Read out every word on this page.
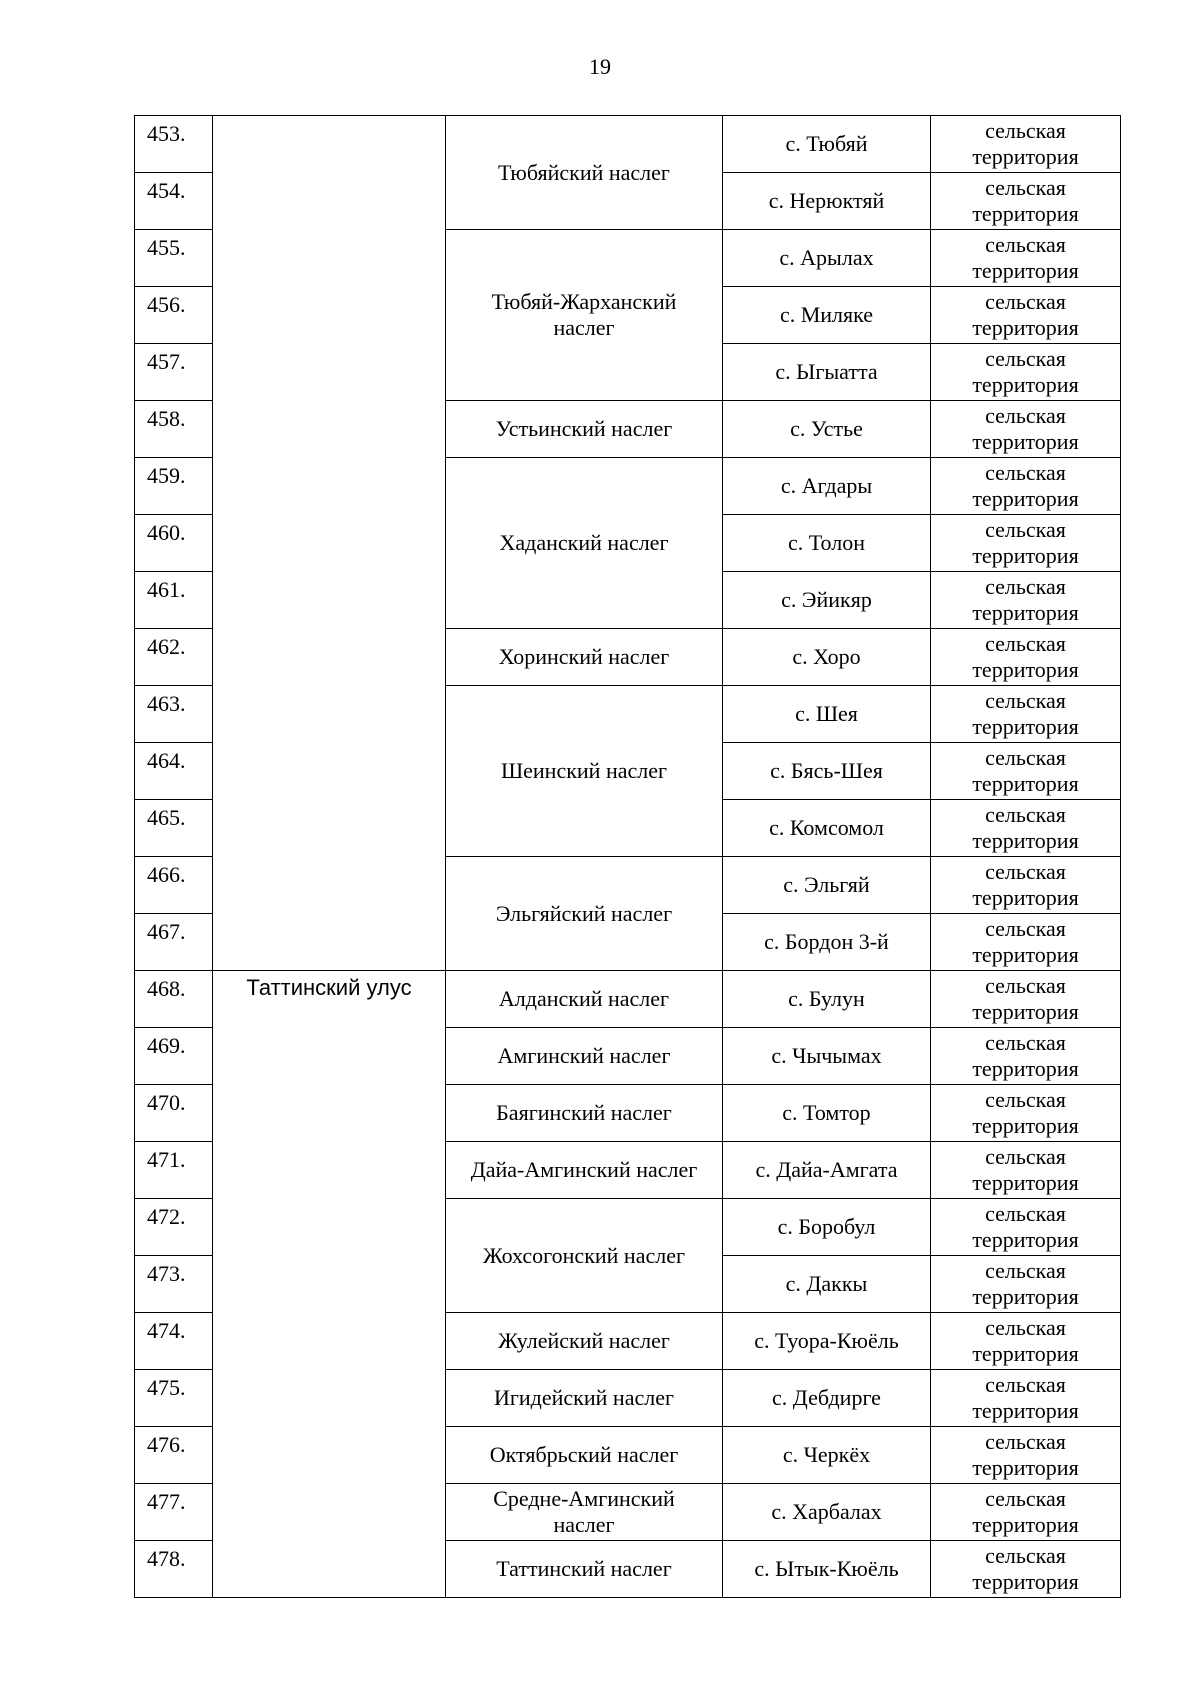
19
453.		Тюбяйский наслег	с. Тюбяй	сельская
территория
454.			с. Нерюктяй	сельская
территория
455.		Тюбяй-Жарханский
наслег	с. Арылах	сельская
территория
456.			с. Миляке	сельская
территория
457.			с. Ыгыатта	сельская
территория
458.		Устьинский наслег	с. Устье	сельская
территория
459.		Хаданский наслег	с. Агдары	сельская
территория
460.			с. Толон	сельская
территория
461.			с. Эйикяр	сельская
территория
462.		Хоринский наслег	с. Хоро	сельская
территория
463.		Шеинский наслег	с. Шея	сельская
территория
464.			с. Бясь-Шея	сельская
территория
465.			с. Комсомол	сельская
территория
466.		Эльгяйский наслег	с. Эльгяй	сельская
территория
467.			с. Бордон 3-й	сельская
территория
468.	Таттинский улус	Алданский наслег	с. Булун	сельская
территория
469.		Амгинский наслег	с. Чычымах	сельская
территория
470.		Баягинский наслег	с. Томтор	сельская
территория
471.		Дайа-Амгинский наслег	с. Дайа-Амгата	сельская
территория
472.		Жохсогонский наслег	с. Боробул	сельская
территория
473.			с. Даккы	сельская
территория
474.		Жулейский наслег	с. Туора-Кюёль	сельская
территория
475.		Игидейский наслег	с. Дебдирге	сельская
территория
476.		Октябрьский наслег	с. Черкёх	сельская
территория
477.		Средне-Амгинский
наслег	с. Харбалах	сельская
территория
478.		Таттинский наслег	с. Ытык-Кюёль	сельская
территория
